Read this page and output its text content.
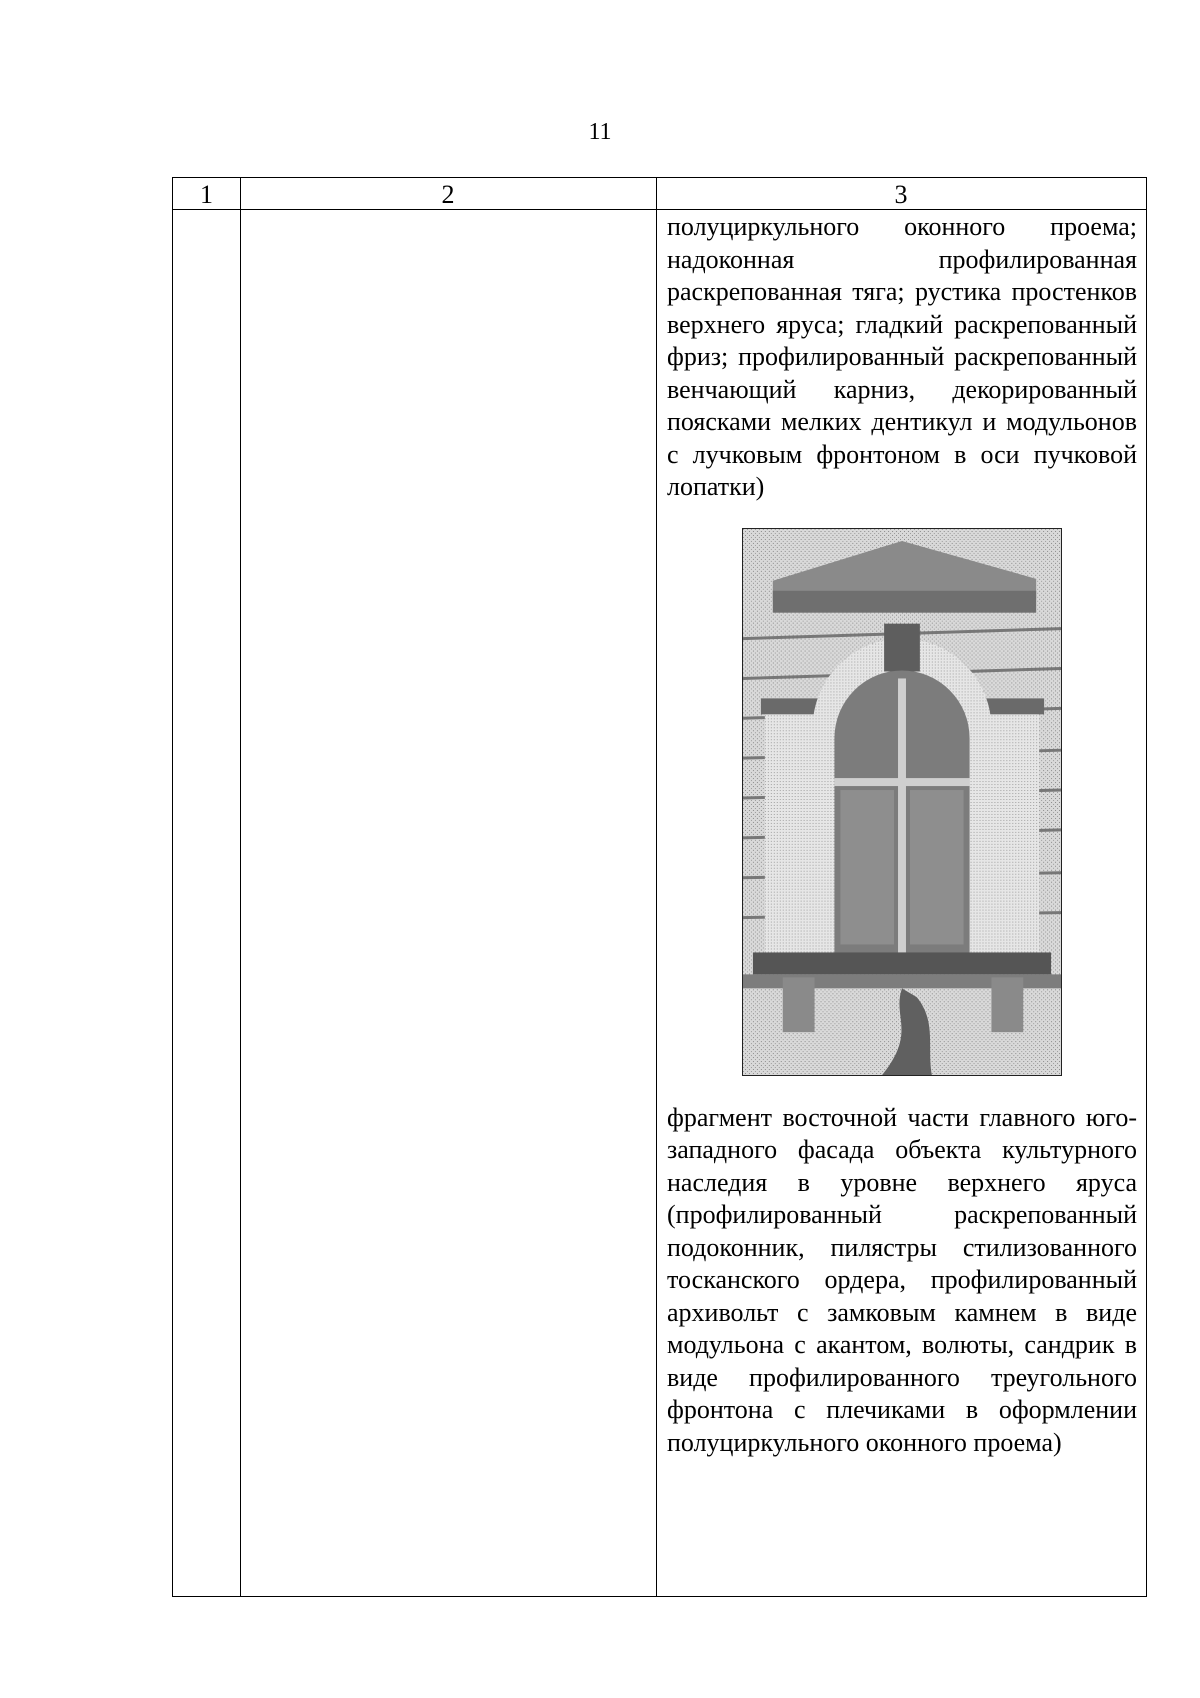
11
1	2	3

полуциркульного оконного проема; надоконная профилированная раскрепованная тяга; рустика простенков верхнего яруса; гладкий раскрепованный фриз; профилированный раскрепованный венчающий карниз, декорированный поясками мелких дентикул и модульонов с лучковым фронтоном в оси пучковой лопатки)

фрагмент восточной части главного юго-западного фасада объекта культурного наследия в уровне верхнего яруса (профилированный раскрепованный подоконник, пилястры стилизованного тосканского ордера, профилированный архивольт с замковым камнем в виде модульона с акантом, волюты, сандрик в виде профилированного треугольного фронтона с плечиками в оформлении полуциркульного оконного проема)
